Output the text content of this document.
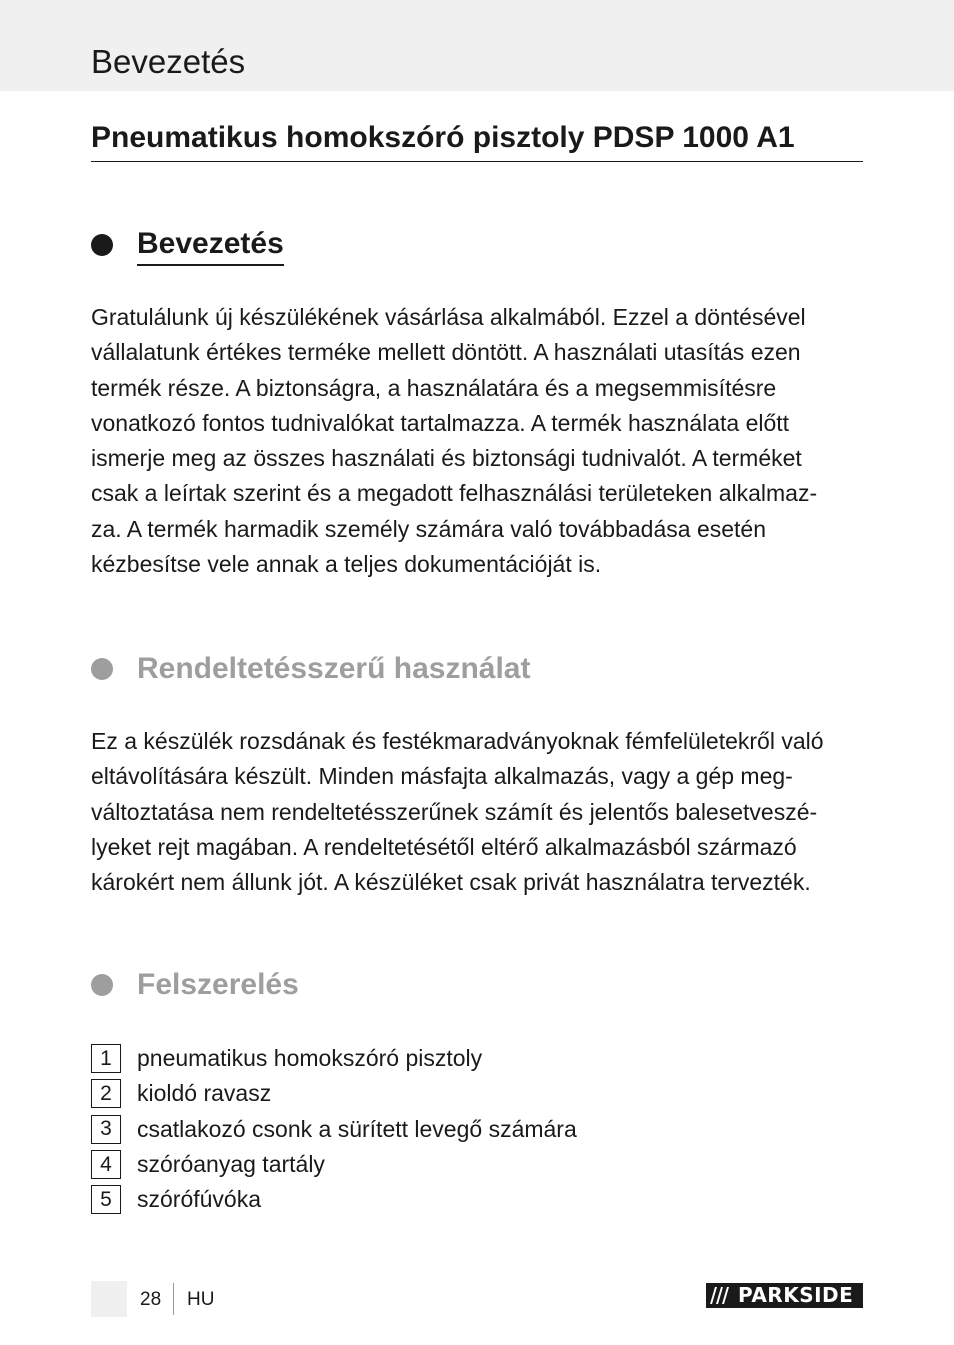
Bevezetés
Pneumatikus homokszóró pisztoly PDSP 1000 A1
Bevezetés
Gratulálunk új készülékének vásárlása alkalmából. Ezzel a döntésével
vállalatunk értékes terméke mellett döntött. A használati utasítás ezen
termék része. A biztonságra, a használatára és a megsemmisítésre
vonatkozó fontos tudnivalókat tartalmazza. A termék használata előtt
ismerje meg az összes használati és biztonsági tudnivalót. A terméket
csak a leírtak szerint és a megadott felhasználási területeken alkalmaz-
za. A termék harmadik személy számára való továbbadása esetén
kézbesítse vele annak a teljes dokumentációját is.
Rendeltetésszerű használat
Ez a készülék rozsdának és festékmaradványoknak fémfelületekről való
eltávolítására készült. Minden másfajta alkalmazás, vagy a gép meg-
változtatása nem rendeltetésszerűnek számít és jelentős balesetveszé-
lyeket rejt magában. A rendeltetésétől eltérő alkalmazásból származó
károkért nem állunk jót. A készüléket csak privát használatra tervezték.
Felszerelés
1	pneumatikus homokszóró pisztoly
2	kioldó ravasz
3	csatlakozó csonk a sürített levegő számára
4	szóróanyag tartály
5	szórófúvóka
28 HU	PARKSIDE
